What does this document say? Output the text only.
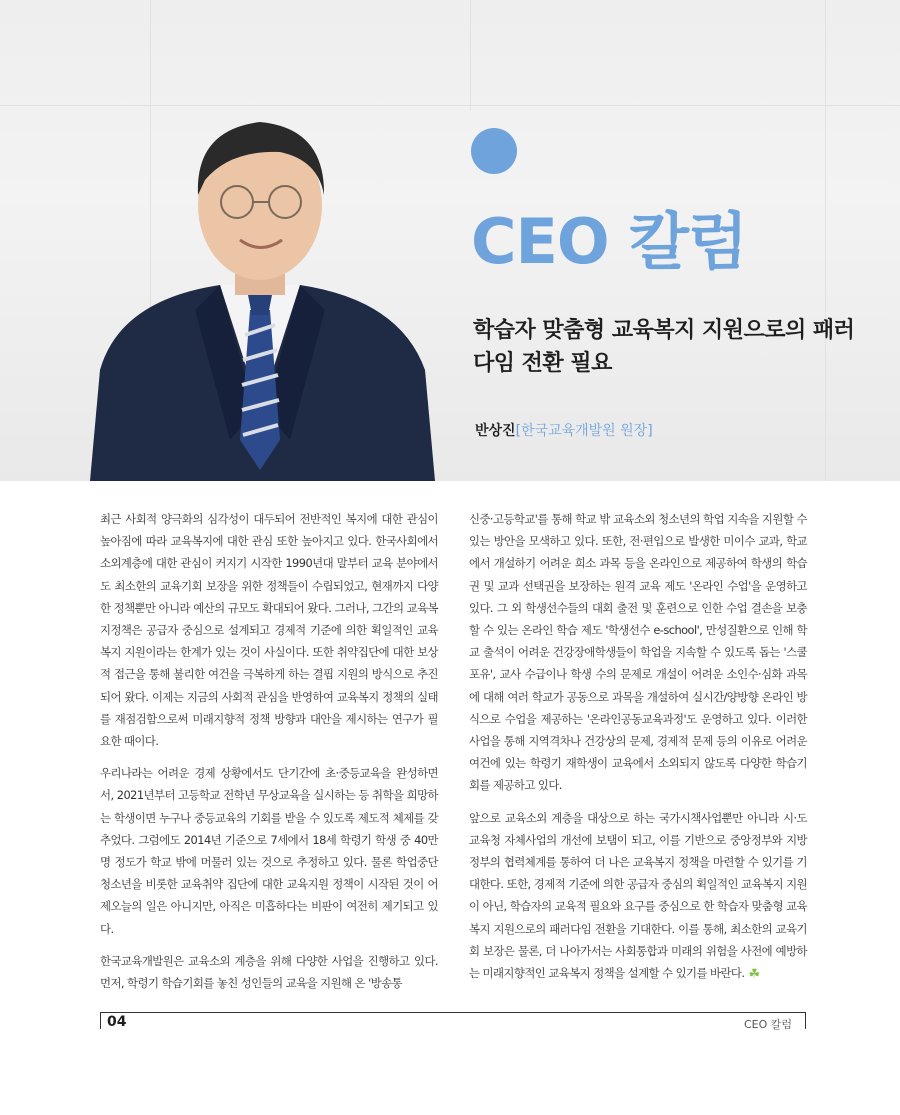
CEO 칼럼
학습자 맞춤형 교육복지 지원으로의 패러다임 전환 필요
반상진[한국교육개발원 원장]

최근 사회적 양극화의 심각성이 대두되어 전반적인 복지에 대한 관심이 높아짐에 따라 교육복지에 대한 관심 또한 높아지고 있다. 한국사회에서 소외계층에 대한 관심이 커지기 시작한 1990년대 말부터 교육 분야에서도 최소한의 교육기회 보장을 위한 정책들이 수립되었고, 현재까지 다양한 정책뿐만 아니라 예산의 규모도 확대되어 왔다. 그러나, 그간의 교육복지정책은 공급자 중심으로 설계되고 경제적 기준에 의한 획일적인 교육복지 지원이라는 한계가 있는 것이 사실이다. 또한 취약집단에 대한 보상적 접근을 통해 불리한 여건을 극복하게 하는 결핍 지원의 방식으로 추진되어 왔다. 이제는 지금의 사회적 관심을 반영하여 교육복지 정책의 실태를 재점검함으로써 미래지향적 정책 방향과 대안을 제시하는 연구가 필요한 때이다.

우리나라는 어려운 경제 상황에서도 단기간에 초·중등교육을 완성하면서, 2021년부터 고등학교 전학년 무상교육을 실시하는 등 취학을 희망하는 학생이면 누구나 중등교육의 기회를 받을 수 있도록 제도적 체제를 갖추었다. 그럼에도 2014년 기준으로 7세에서 18세 학령기 학생 중 40만 명 정도가 학교 밖에 머물러 있는 것으로 추정하고 있다. 물론 학업중단 청소년을 비롯한 교육취약 집단에 대한 교육지원 정책이 시작된 것이 어제오늘의 일은 아니지만, 아직은 미흡하다는 비판이 여전히 제기되고 있다.

한국교육개발원은 교육소외 계층을 위해 다양한 사업을 진행하고 있다. 먼저, 학령기 학습기회를 놓친 성인들의 교육을 지원해 온 '방송통

신중·고등학교'를 통해 학교 밖 교육소외 청소년의 학업 지속을 지원할 수 있는 방안을 모색하고 있다. 또한, 전·편입으로 발생한 미이수 교과, 학교에서 개설하기 어려운 희소 과목 등을 온라인으로 제공하여 학생의 학습권 및 교과 선택권을 보장하는 원격 교육 제도 '온라인 수업'을 운영하고 있다. 그 외 학생선수들의 대회 출전 및 훈련으로 인한 수업 결손을 보충할 수 있는 온라인 학습 제도 '학생선수 e-school', 만성질환으로 인해 학교 출석이 어려운 건강장애학생들이 학업을 지속할 수 있도록 돕는 '스쿨포유', 교사 수급이나 학생 수의 문제로 개설이 어려운 소인수·심화 과목에 대해 여러 학교가 공동으로 과목을 개설하여 실시간/양방향 온라인 방식으로 수업을 제공하는 '온라인공동교육과정'도 운영하고 있다. 이러한 사업을 통해 지역격차나 건강상의 문제, 경제적 문제 등의 이유로 어려운 여건에 있는 학령기 재학생이 교육에서 소외되지 않도록 다양한 학습기회를 제공하고 있다.

앞으로 교육소외 계층을 대상으로 하는 국가시책사업뿐만 아니라 시·도교육청 자체사업의 개선에 보탬이 되고, 이를 기반으로 중앙정부와 지방정부의 협력체계를 통하여 더 나은 교육복지 정책을 마련할 수 있기를 기대한다. 또한, 경제적 기준에 의한 공급자 중심의 획일적인 교육복지 지원이 아닌, 학습자의 교육적 필요와 요구를 중심으로 한 학습자 맞춤형 교육복지 지원으로의 패러다임 전환을 기대한다. 이를 통해, 최소한의 교육기회 보장은 물론, 더 나아가서는 사회통합과 미래의 위험을 사전에 예방하는 미래지향적인 교육복지 정책을 설계할 수 있기를 바란다. ☘

04	CEO 칼럼
